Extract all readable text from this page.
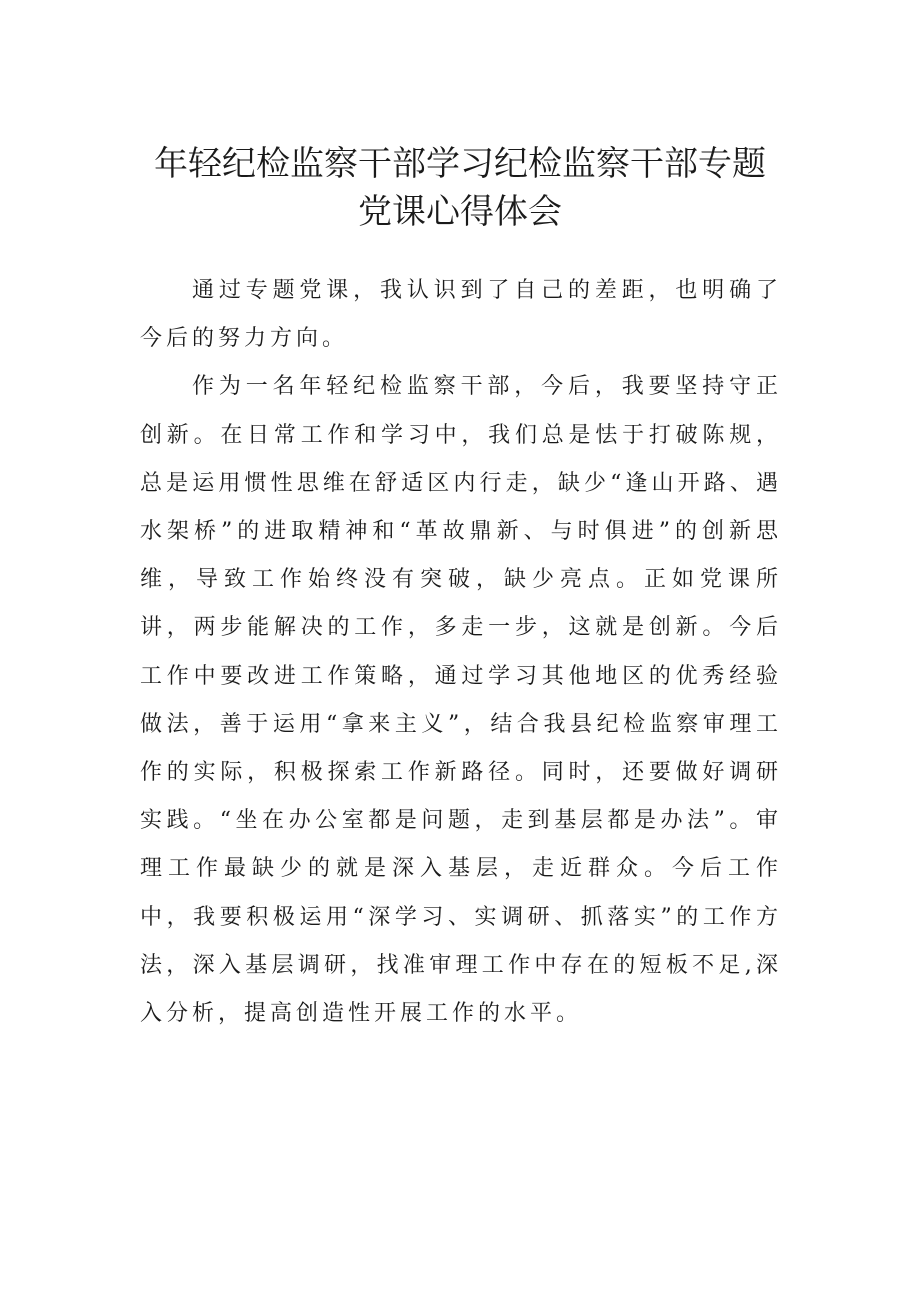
年轻纪检监察干部学习纪检监察干部专题
党课心得体会

通过专题党课，我认识到了自己的差距，也明确了今后的努力方向。

作为一名年轻纪检监察干部，今后，我要坚持守正创新。在日常工作和学习中，我们总是怯于打破陈规，总是运用惯性思维在舒适区内行走，缺少“逢山开路、遇水架桥”的进取精神和“革故鼎新、与时俱进”的创新思维，导致工作始终没有突破，缺少亮点。正如党课所讲，两步能解决的工作，多走一步，这就是创新。今后工作中要改进工作策略，通过学习其他地区的优秀经验做法，善于运用“拿来主义”，结合我县纪检监察审理工作的实际，积极探索工作新路径。同时，还要做好调研实践。“坐在办公室都是问题，走到基层都是办法”。审理工作最缺少的就是深入基层，走近群众。今后工作中，我要积极运用“深学习、实调研、抓落实”的工作方法，深入基层调研，找准审理工作中存在的短板不足,深入分析，提高创造性开展工作的水平。
